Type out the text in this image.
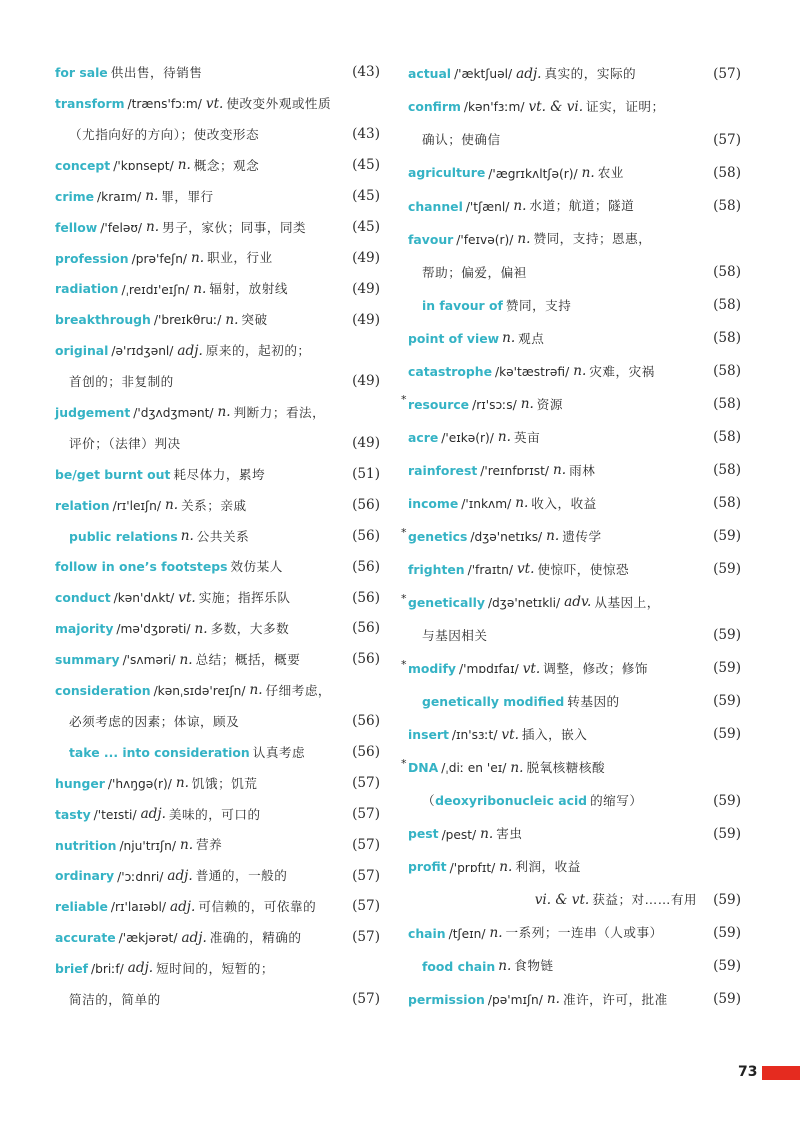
for sale 供出售，待销售	(43)
transform /træns'fɔ:m/ vt. 使改变外观或性质
（尤指向好的方向）；使改变形态	(43)
concept /'kɒnsept/ n. 概念；观念	(45)
crime /kraɪm/ n. 罪，罪行	(45)
fellow /'feləʊ/ n. 男子，家伙；同事，同类	(45)
profession /prə'feʃn/ n. 职业，行业	(49)
radiation /ˌreɪdɪ'eɪʃn/ n. 辐射，放射线	(49)
breakthrough /'breɪkθruː/ n. 突破	(49)
original /ə'rɪdʒənl/ adj. 原来的，起初的；
首创的；非复制的	(49)
judgement /'dʒʌdʒmənt/ n. 判断力；看法，
评价；（法律）判决	(49)
be/get burnt out 耗尽体力，累垮	(51)
relation /rɪ'leɪʃn/ n. 关系；亲戚	(56)
public relations n. 公共关系	(56)
follow in one’s footsteps 效仿某人	(56)
conduct /kən'dʌkt/ vt. 实施；指挥乐队	(56)
majority /mə'dʒɒrəti/ n. 多数，大多数	(56)
summary /'sʌməri/ n. 总结；概括，概要	(56)
consideration /kənˌsɪdə'reɪʃn/ n. 仔细考虑，
必须考虑的因素；体谅，顾及	(56)
take ... into consideration 认真考虑	(56)
hunger /'hʌŋgə(r)/ n. 饥饿；饥荒	(57)
tasty /'teɪsti/ adj. 美味的，可口的	(57)
nutrition /nju'trɪʃn/ n. 营养	(57)
ordinary /'ɔːdnri/ adj. 普通的，一般的	(57)
reliable /rɪ'laɪəbl/ adj. 可信赖的，可依靠的	(57)
accurate /'ækjərət/ adj. 准确的，精确的	(57)
brief /briːf/ adj. 短时间的，短暂的；
简洁的，简单的	(57)
actual /'æktʃuəl/ adj. 真实的，实际的	(57)
confirm /kən'fɜːm/ vt. & vi. 证实，证明；
确认；使确信	(57)
agriculture /'ægrɪkʌltʃə(r)/ n. 农业	(58)
channel /'tʃænl/ n. 水道；航道；隧道	(58)
favour /'feɪvə(r)/ n. 赞同，支持；恩惠，
帮助；偏爱，偏袒	(58)
in favour of 赞同，支持	(58)
point of view n. 观点	(58)
catastrophe /kə'tæstrəfi/ n. 灾难，灾祸	(58)
* resource /rɪ'sɔːs/ n. 资源	(58)
acre /'eɪkə(r)/ n. 英亩	(58)
rainforest /'reɪnfɒrɪst/ n. 雨林	(58)
income /'ɪnkʌm/ n. 收入，收益	(58)
* genetics /dʒə'netɪks/ n. 遗传学	(59)
frighten /'fraɪtn/ vt. 使惊吓，使惊恐	(59)
* genetically /dʒə'netɪkli/ adv. 从基因上，
与基因相关	(59)
* modify /'mɒdɪfaɪ/ vt. 调整，修改；修饰	(59)
genetically modified 转基因的	(59)
insert /ɪn'sɜːt/ vt. 插入，嵌入	(59)
* DNA /ˌdiː en 'eɪ/ n. 脱氧核糖核酸
（ deoxyribonucleic acid 的缩写）	(59)
pest /pest/ n. 害虫	(59)
profit /'prɒfɪt/ n. 利润，收益
vi. & vt. 获益；对……有用 (59)
chain /tʃeɪn/ n. 一系列；一连串（人或事）	(59)
food chain n. 食物链	(59)
permission /pə'mɪʃn/ n. 准许，许可，批准	(59)
73
